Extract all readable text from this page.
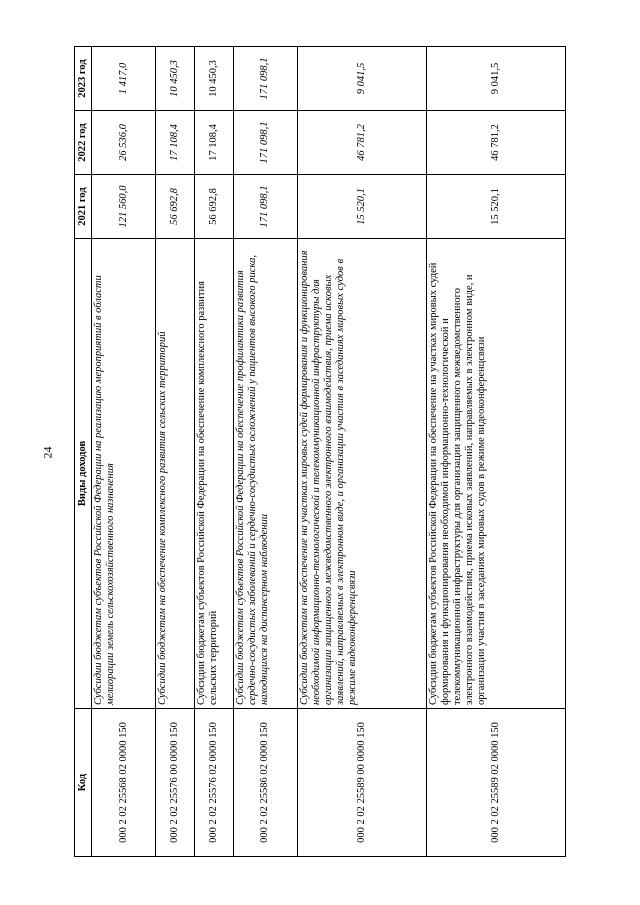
24
Код	Виды доходов	2021 год	2022 год	2023 год
000 2 02 25568 02 0000 150	Субсидии бюджетам субъектов Российской Федерации на реализацию мероприятий в области мелиорации земель сельскохозяйственного назначения	121 560,0	26 536,0	1 417,0
000 2 02 25576 00 0000 150	Субсидии бюджетам на обеспечение комплексного развития сельских территорий	56 692,8	17 108,4	10 450,3
000 2 02 25576 02 0000 150	Субсидии бюджетам субъектов Российской Федерации на обеспечение комплексного развития сельских территорий	56 692,8	17 108,4	10 450,3
000 2 02 25586 02 0000 150	Субсидии бюджетам субъектов Российской Федерации на обеспечение профилактики развития сердечно-сосудистых заболеваний и сердечно-сосудистых осложнений у пациентов высокого риска, находящихся на диспансерном наблюдении	171 098,1	171 098,1	171 098,1
000 2 02 25589 00 0000 150	Субсидии бюджетам на обеспечение на участках мировых судей формирования и функционирования необходимой информационно-технологической и телекоммуникационной инфраструктуры для организации защищенного межведомственного электронного взаимодействия, приема исковых заявлений, направляемых в электронном виде, и организации участия в заседаниях мировых судов в режиме видеоконференцсвязи	15 520,1	46 781,2	9 041,5
000 2 02 25589 02 0000 150	Субсидии бюджетам субъектов Российской Федерации на обеспечение на участках мировых судей формирования и функционирования необходимой информационно-технологической и телекоммуникационной инфраструктуры для организации защищенного межведомственного электронного взаимодействия, приема исковых заявлений, направляемых в электронном виде, и организации участия в заседаниях мировых судов в режиме видеоконференцсвязи	15 520,1	46 781,2	9 041,5
